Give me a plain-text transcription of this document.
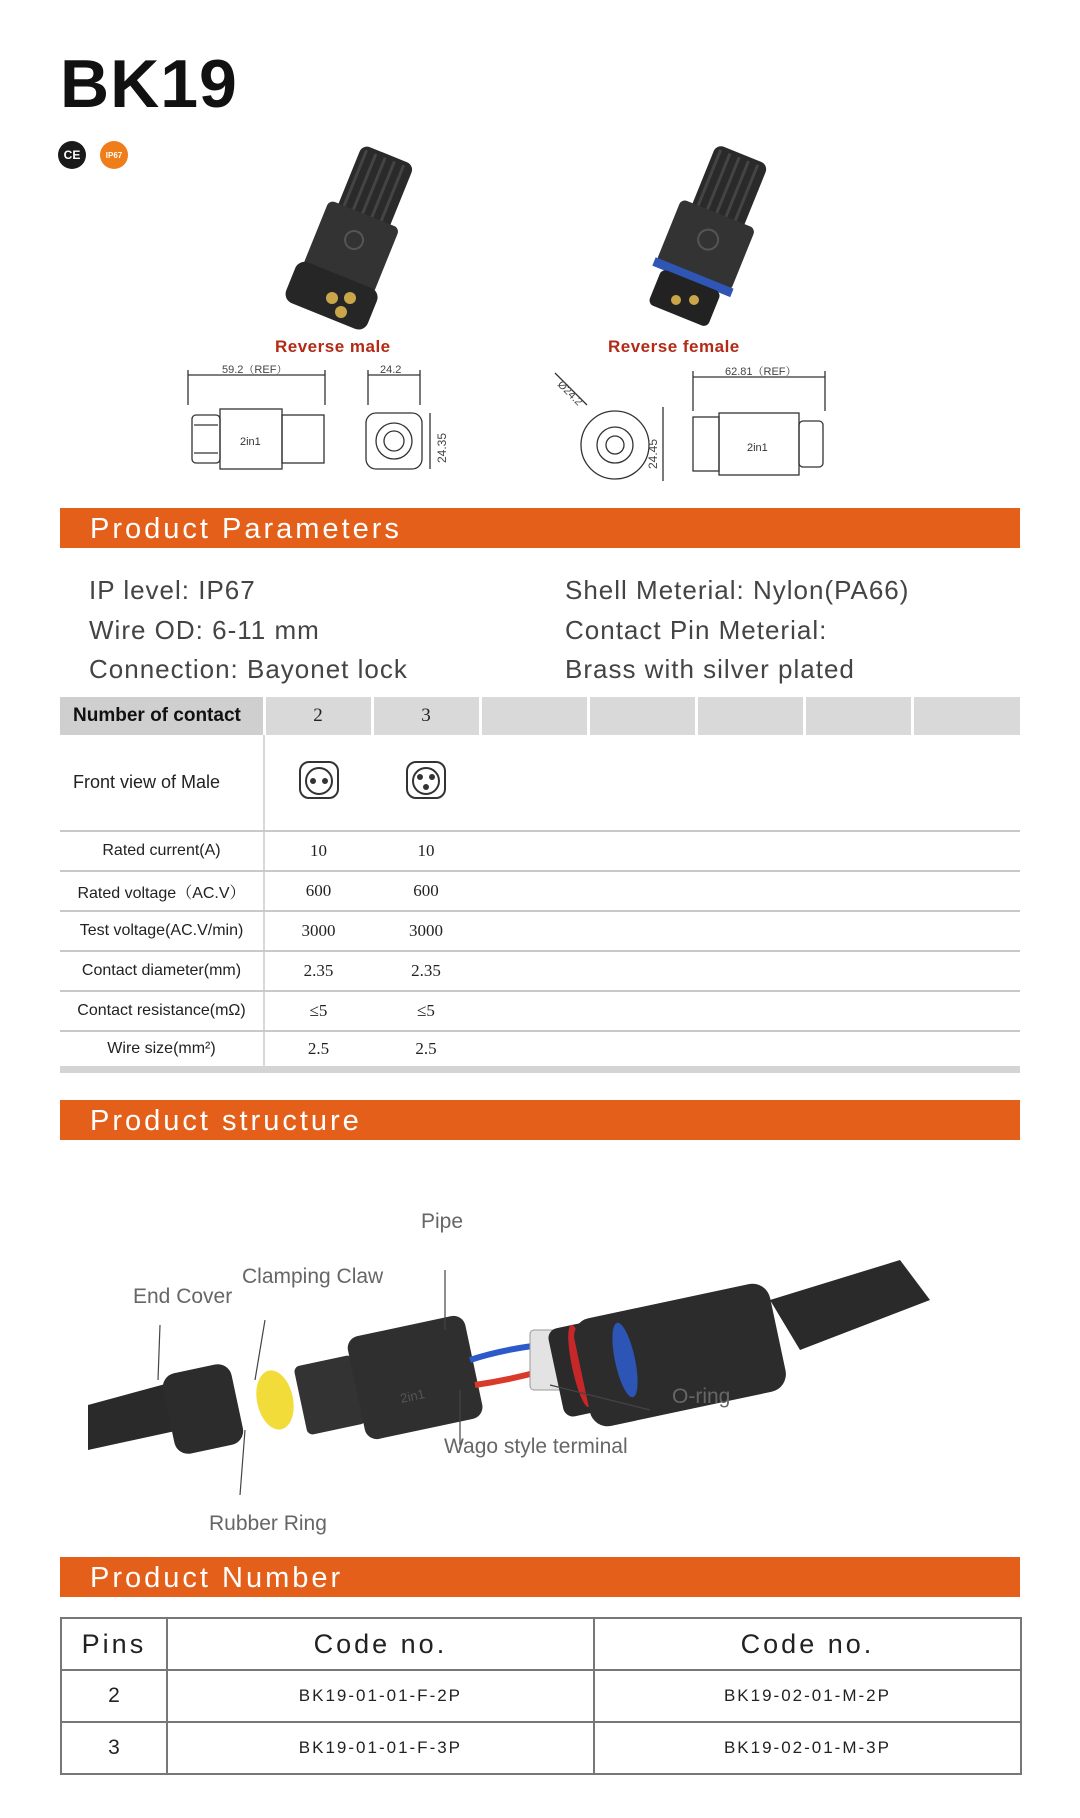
BK19
CE	IP67
Reverse male	Reverse female
2in1
59.2（REF）	24.2
24.35	2in1
Ø24.2
24.45
62.81（REF）
Product Parameters
IP level: IP67
Wire OD: 6-11 mm
Connection: Bayonet lock
Shell Meterial: Nylon(PA66)
Contact Pin Meterial:
Brass with silver plated
Number of contact	2	3					
Front view of Male			
Rated current(A)	10	10					
Rated voltage（AC.V）	600	600					
Test voltage(AC.V/min)	3000	3000					
Contact diameter(mm)	2.35	2.35					
Contact resistance(mΩ)	≤5	≤5					
Wire size(mm²)	2.5	2.5					
Product structure
2in1
Pipe
Clamping Claw
End Cover
O-ring
Wago style terminal
Rubber Ring
Product Number
Pins	Code no.	Code no.
2	BK19-01-01-F-2P	BK19-02-01-M-2P
3	BK19-01-01-F-3P	BK19-02-01-M-3P
